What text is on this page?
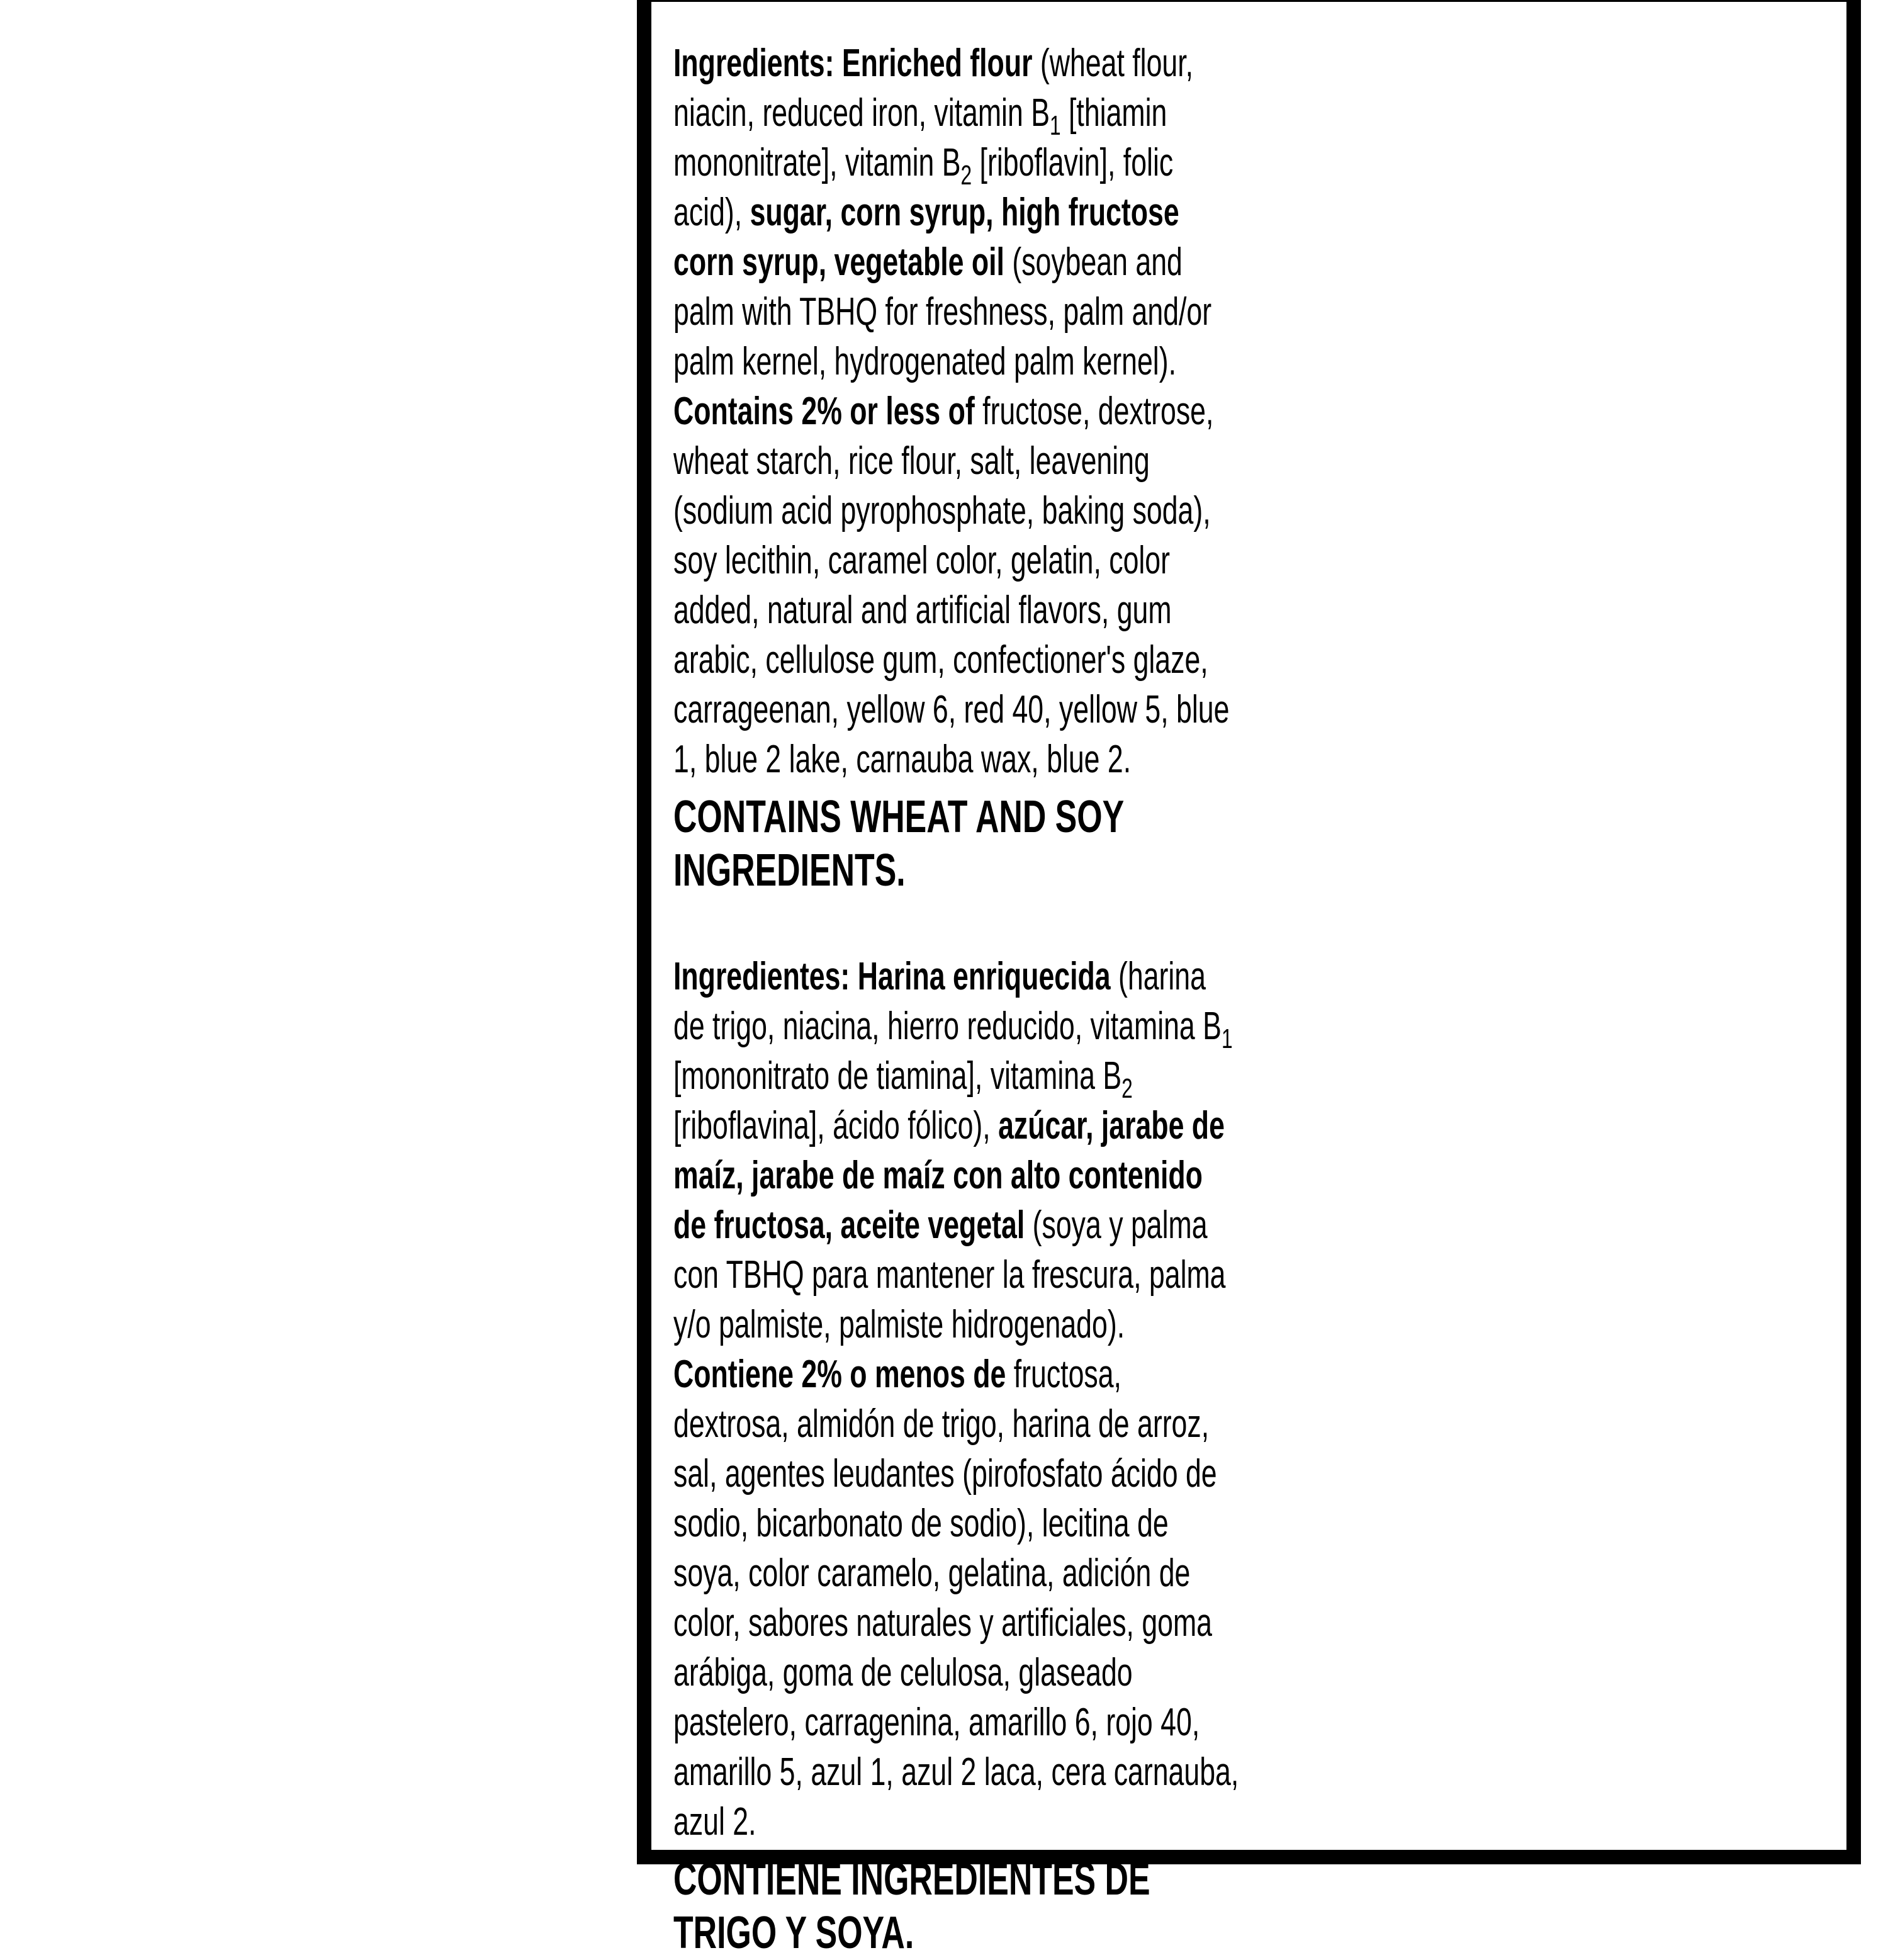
Ingredients: Enriched flour (wheat flour, niacin, reduced iron, vitamin $B_1$ [thiamin mononitrate], vitamin $B_2$ [riboflavin], folic acid), sugar, corn syrup, high fructose corn syrup, vegetable oil (soybean and palm with TBHQ for freshness, palm and/or palm kernel, hydrogenated palm kernel).

Contains 2% or less of fructose, dextrose, wheat starch, rice flour, salt, leavening (sodium acid pyrophosphate, baking soda), soy lecithin, caramel color, gelatin, color added, natural and artificial flavors, gum arabic, cellulose gum, confectioner's glaze, carrageenan, yellow 6, red 40, yellow 5, blue 1, blue 2 lake, carnauba wax, blue 2.

CONTAINS WHEAT AND SOY INGREDIENTS.

Ingredientes: Harina enriquecida (harina de trigo, niacina, hierro reducido, vitamina $B_1$ [mononitrato de tiamina], vitamina $B_2$ [riboflavina], ácido fólico), azúcar, jarabe de maíz, jarabe de maíz con alto contenido de fructosa, aceite vegetal (soya y palma con TBHQ para mantener la frescura, palma y/o palmiste, palmiste hidrogenado).

Contiene 2% o menos de fructosa, dextrosa, almidón de trigo, harina de arroz, sal, agentes leudantes (pirofosfato ácido de sodio, bicarbonato de sodio), lecitina de soya, color caramelo, gelatina, adición de color, sabores naturales y artificiales, goma arábiga, goma de celulosa, glaseado pastelero, carragenina, amarillo 6, rojo 40, amarillo 5, azul 1, azul 2 laca, cera carnauba, azul 2.

CONTIENE INGREDIENTES DE TRIGO Y SOYA.
